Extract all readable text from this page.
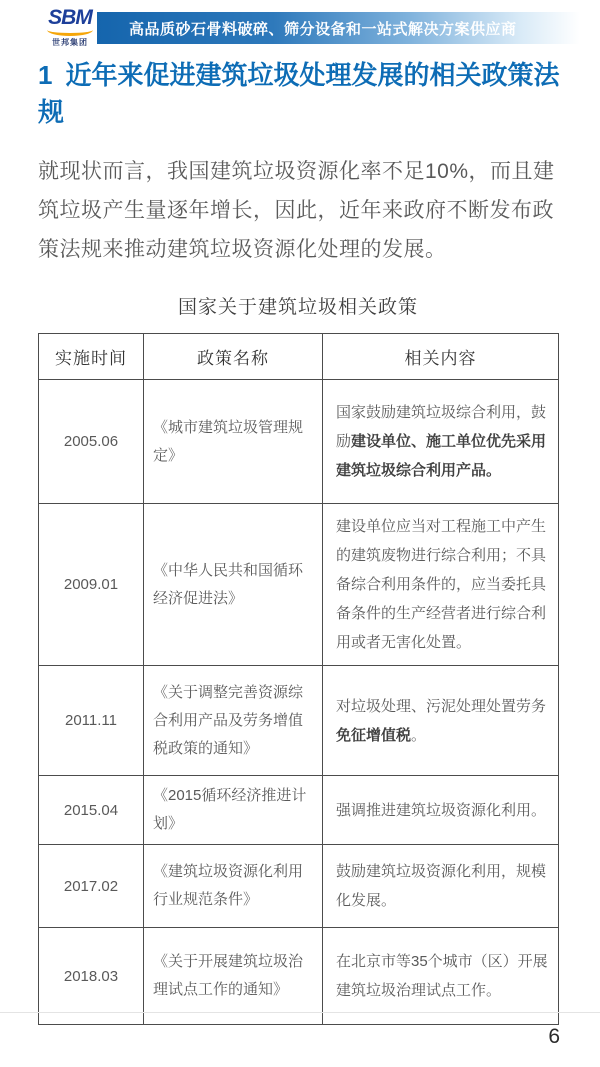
SBM
世邦集团
高品质砂石骨料破碎、筛分设备和一站式解决方案供应商
1 近年来促进建筑垃圾处理发展的相关政策法规
就现状而言，我国建筑垃圾资源化率不足10%，而且建筑垃圾产生量逐年增长，因此，近年来政府不断发布政策法规来推动建筑垃圾资源化处理的发展。
国家关于建筑垃圾相关政策
实施时间	政策名称	相关内容
2005.06	《城市建筑垃圾管理规定》	国家鼓励建筑垃圾综合利用，鼓励建设单位、施工单位优先采用建筑垃圾综合利用产品。
2009.01	《中华人民共和国循环经济促进法》	建设单位应当对工程施工中产生的建筑废物进行综合利用；不具备综合利用条件的，应当委托具备条件的生产经营者进行综合利用或者无害化处置。
2011.11	《关于调整完善资源综合利用产品及劳务增值税政策的通知》	对垃圾处理、污泥处理处置劳务免征增值税。
2015.04	《2015循环经济推进计划》	强调推进建筑垃圾资源化利用。
2017.02	《建筑垃圾资源化利用行业规范条件》	鼓励建筑垃圾资源化利用，规模化发展。
2018.03	《关于开展建筑垃圾治理试点工作的通知》	在北京市等35个城市（区）开展建筑垃圾治理试点工作。
6
